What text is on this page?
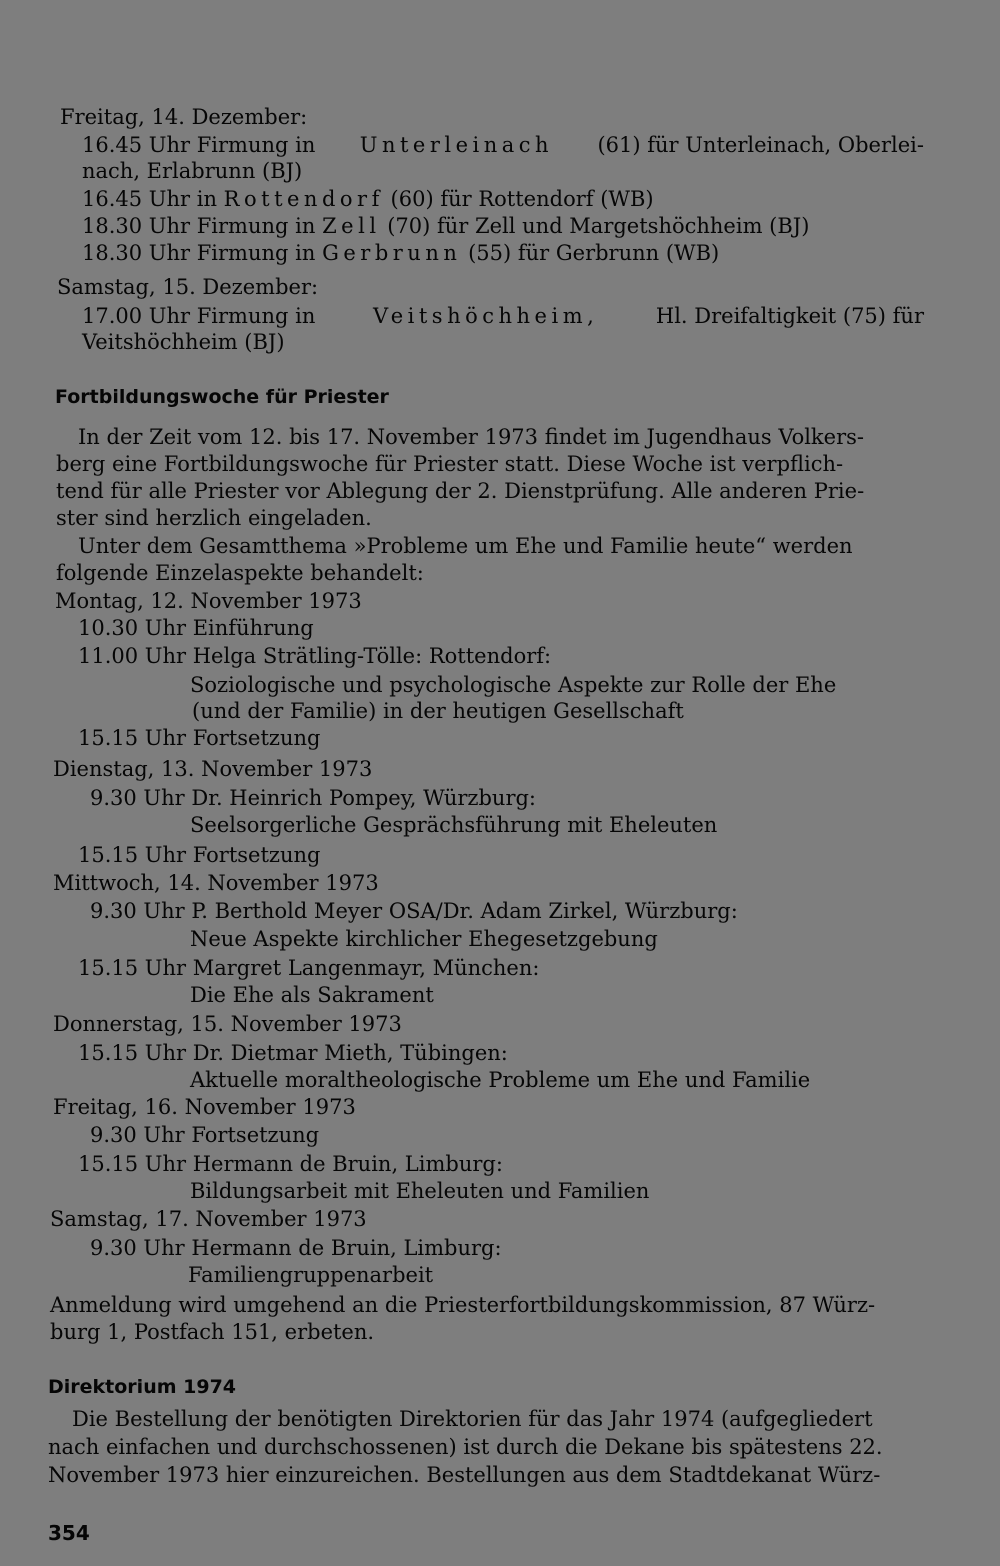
Freitag, 14. Dezember:
16.45 Uhr Firmung in Unterleinach (61) für Unterleinach, Oberlei-
nach, Erlabrunn (BJ)
16.45 Uhr in Rottendorf (60) für Rottendorf (WB)
18.30 Uhr Firmung in Zell (70) für Zell und Margetshöchheim (BJ)
18.30 Uhr Firmung in Gerbrunn (55) für Gerbrunn (WB)
Samstag, 15. Dezember:
17.00 Uhr Firmung in	Veitshöchheim,	Hl. Dreifaltigkeit (75) für
Veitshöchheim (BJ)
Fortbildungswoche für Priester
In der Zeit vom 12. bis 17. November 1973 findet im Jugendhaus Volkers-
berg eine Fortbildungswoche für Priester statt. Diese Woche ist verpflich-
tend für alle Priester vor Ablegung der 2. Dienstprüfung. Alle anderen Prie-
ster sind herzlich eingeladen.
Unter dem Gesamtthema »Probleme um Ehe und Familie heute“ werden
folgende Einzelaspekte behandelt:
Montag, 12. November 1973
10.30 Uhr Einführung
11.00 Uhr Helga Strätling-Tölle: Rottendorf:
Soziologische und psychologische Aspekte zur Rolle der Ehe
(und der Familie) in der heutigen Gesellschaft
15.15 Uhr Fortsetzung
Dienstag, 13. November 1973
9.30 Uhr Dr. Heinrich Pompey, Würzburg:
Seelsorgerliche Gesprächsführung mit Eheleuten
15.15 Uhr Fortsetzung
Mittwoch, 14. November 1973
9.30 Uhr P. Berthold Meyer OSA/Dr. Adam Zirkel, Würzburg:
Neue Aspekte kirchlicher Ehegesetzgebung
15.15 Uhr Margret Langenmayr, München:
Die Ehe als Sakrament
Donnerstag, 15. November 1973
15.15 Uhr Dr. Dietmar Mieth, Tübingen:
Aktuelle moraltheologische Probleme um Ehe und Familie
Freitag, 16. November 1973
9.30 Uhr Fortsetzung
15.15 Uhr Hermann de Bruin, Limburg:
Bildungsarbeit mit Eheleuten und Familien
Samstag, 17. November 1973
9.30 Uhr Hermann de Bruin, Limburg:
Familiengruppenarbeit
Anmeldung wird umgehend an die Priesterfortbildungskommission, 87 Würz-
burg 1, Postfach 151, erbeten.
Direktorium 1974
Die Bestellung der benötigten Direktorien für das Jahr 1974 (aufgegliedert
nach einfachen und durchschossenen) ist durch die Dekane bis spätestens 22.
November 1973 hier einzureichen. Bestellungen aus dem Stadtdekanat Würz-
354
